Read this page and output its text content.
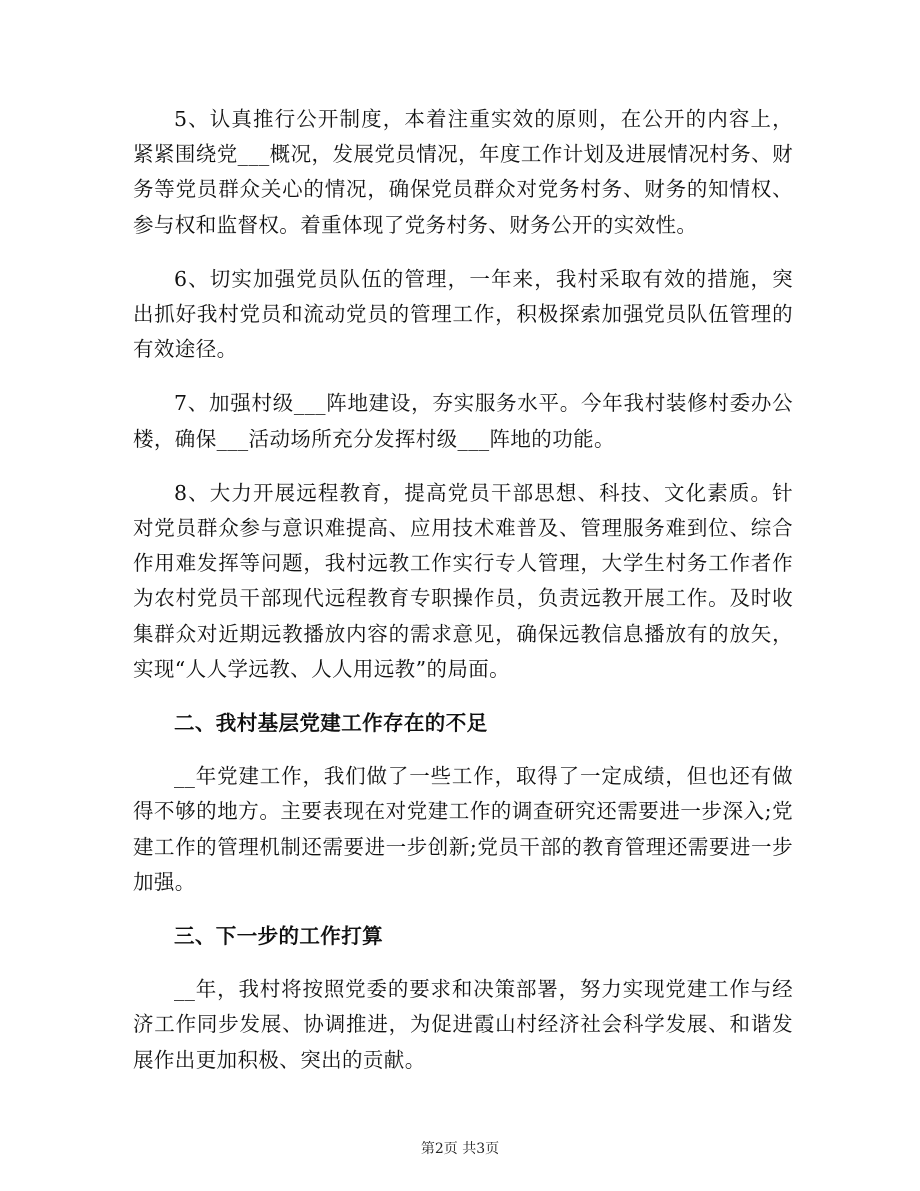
5、认真推行公开制度，本着注重实效的原则，在公开的内容上，紧紧围绕党___概况，发展党员情况，年度工作计划及进展情况村务、财务等党员群众关心的情况，确保党员群众对党务村务、财务的知情权、参与权和监督权。着重体现了党务村务、财务公开的实效性。

6、切实加强党员队伍的管理，一年来，我村采取有效的措施，突出抓好我村党员和流动党员的管理工作，积极探索加强党员队伍管理的有效途径。

7、加强村级___阵地建设，夯实服务水平。今年我村装修村委办公楼，确保___活动场所充分发挥村级___阵地的功能。

8、大力开展远程教育，提高党员干部思想、科技、文化素质。针对党员群众参与意识难提高、应用技术难普及、管理服务难到位、综合作用难发挥等问题，我村远教工作实行专人管理，大学生村务工作者作为农村党员干部现代远程教育专职操作员，负责远教开展工作。及时收集群众对近期远教播放内容的需求意见，确保远教信息播放有的放矢，实现“人人学远教、人人用远教”的局面。

二、我村基层党建工作存在的不足

__年党建工作，我们做了一些工作，取得了一定成绩，但也还有做得不够的地方。主要表现在对党建工作的调查研究还需要进一步深入;党建工作的管理机制还需要进一步创新;党员干部的教育管理还需要进一步加强。

三、下一步的工作打算

__年，我村将按照党委的要求和决策部署，努力实现党建工作与经济工作同步发展、协调推进，为促进霞山村经济社会科学发展、和谐发展作出更加积极、突出的贡献。

第2页 共3页
